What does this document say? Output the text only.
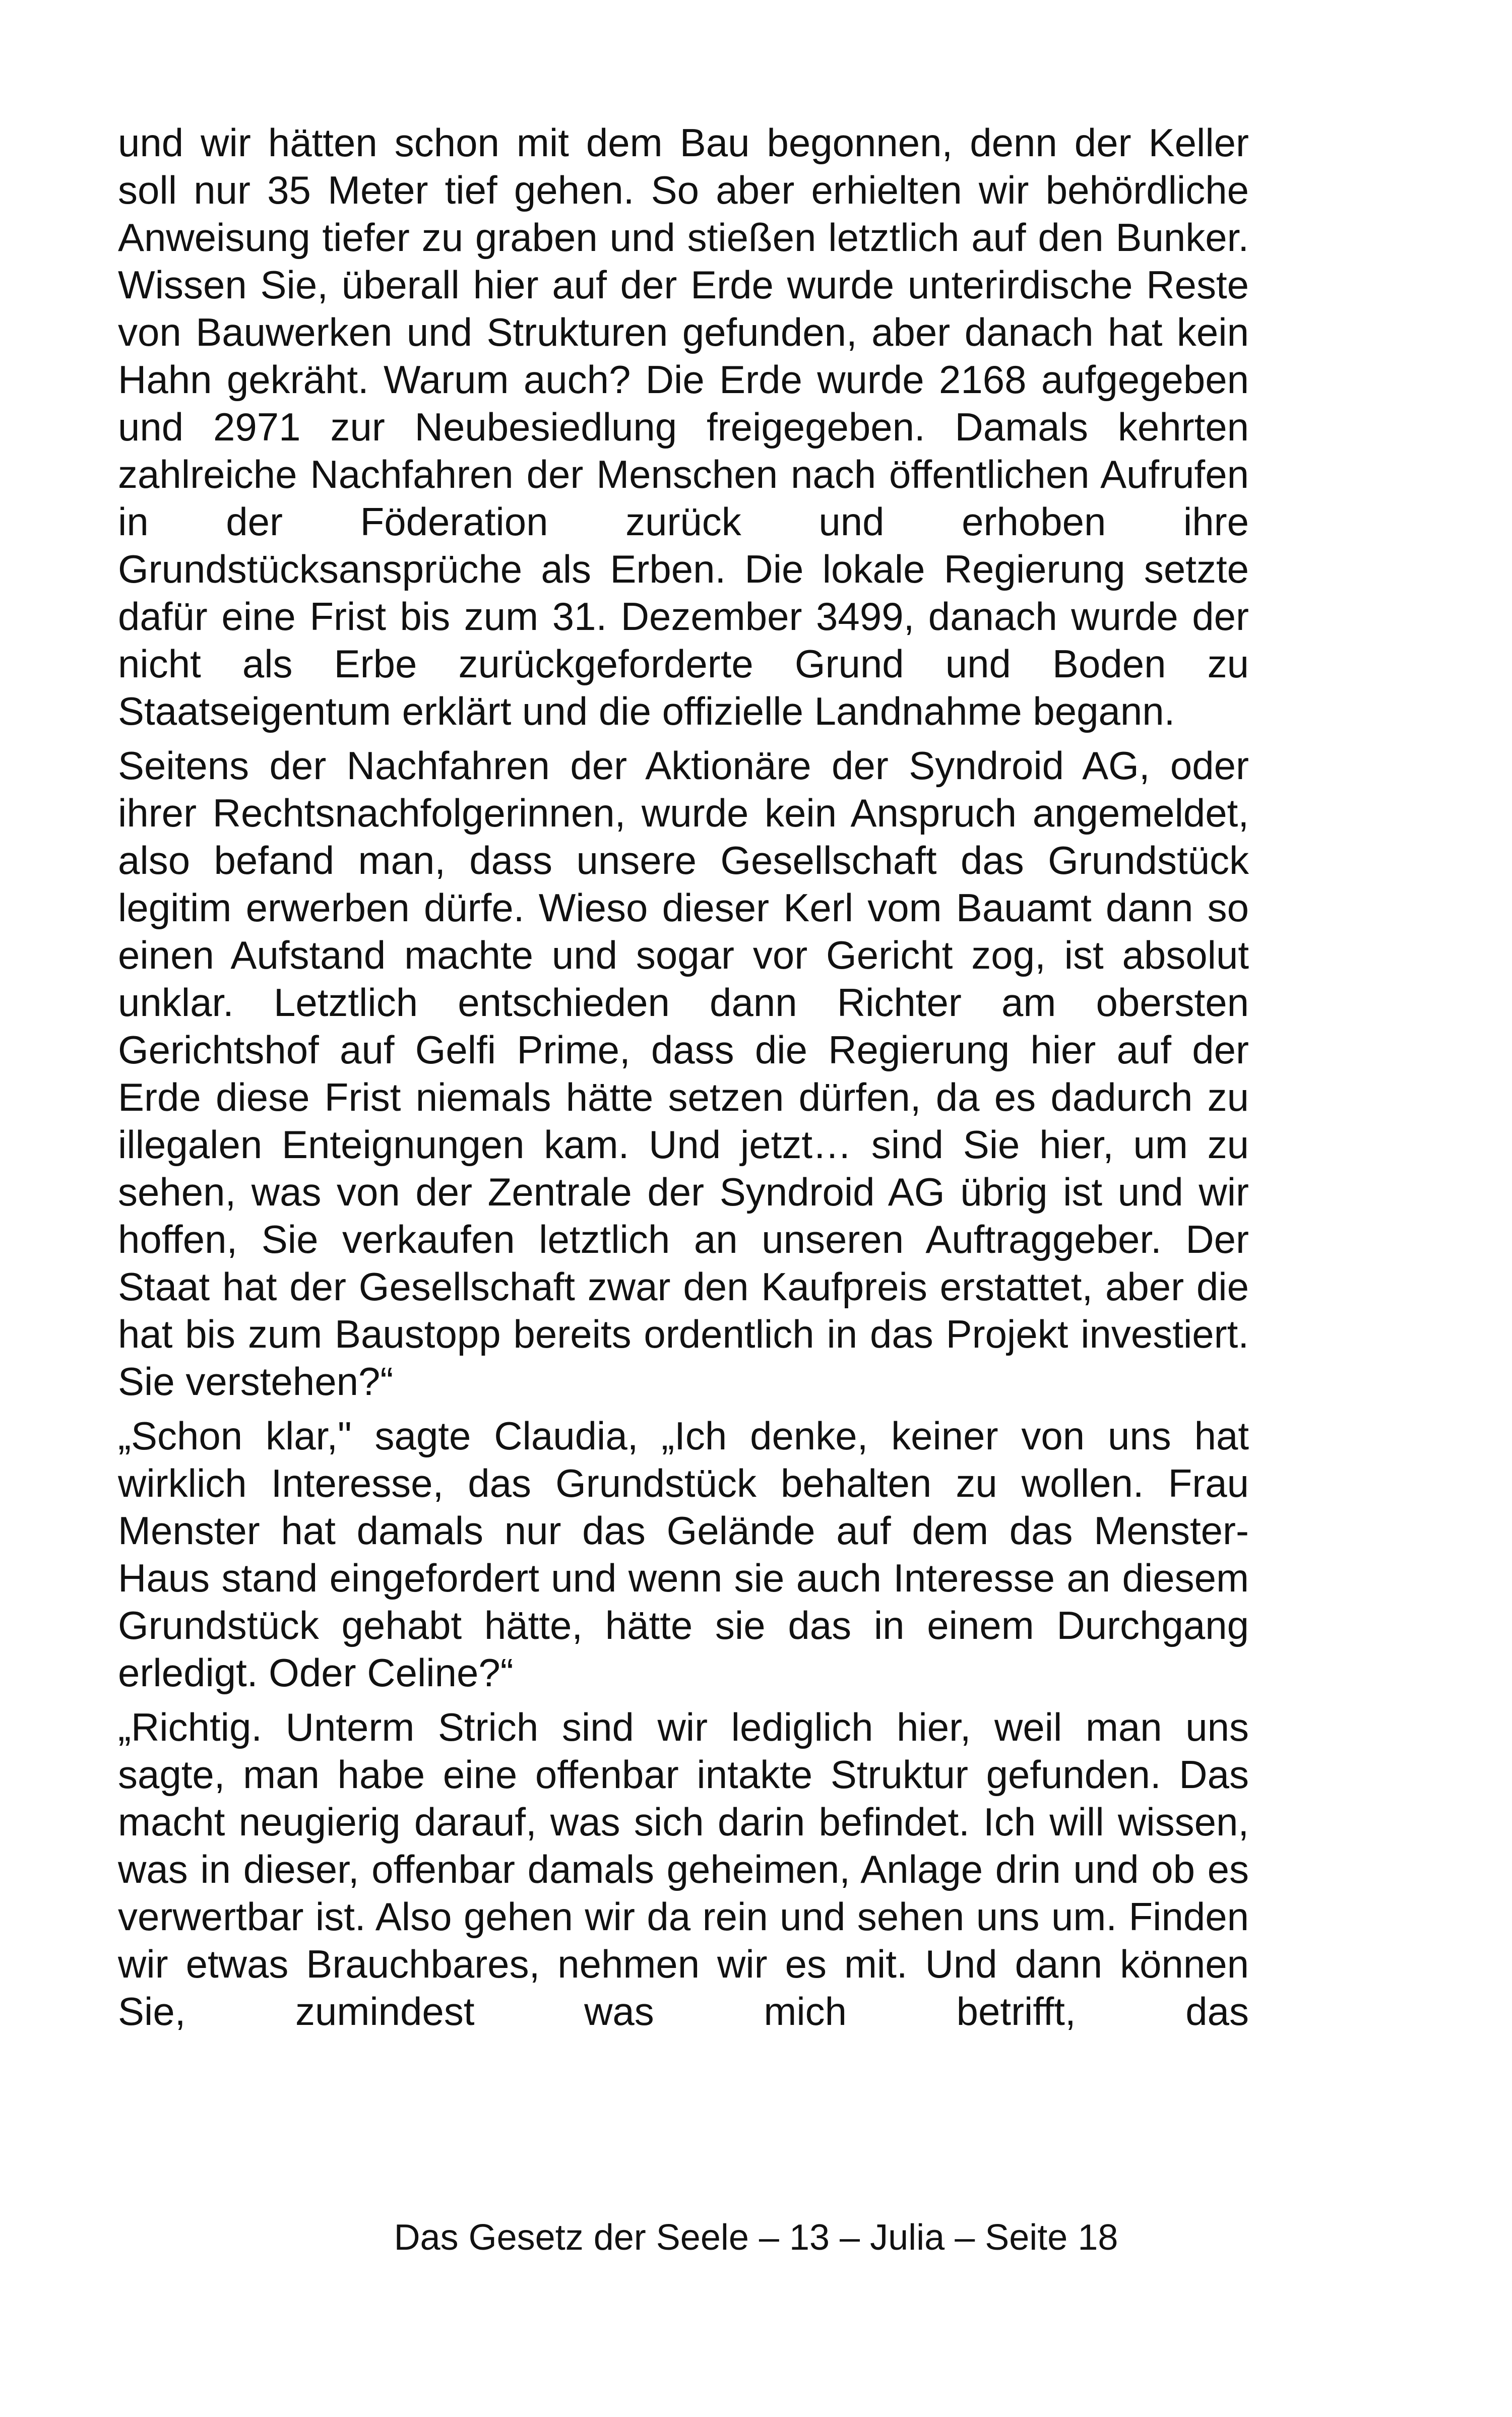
und wir hätten schon mit dem Bau begonnen, denn der Keller soll nur 35 Meter tief gehen. So aber erhielten wir behördliche Anweisung tiefer zu graben und stießen letztlich auf den Bunker. Wissen Sie, überall hier auf der Erde wurde unterirdische Reste von Bauwerken und Strukturen gefunden, aber danach hat kein Hahn gekräht. Warum auch? Die Erde wurde 2168 aufgegeben und 2971 zur Neubesiedlung freigegeben. Damals kehrten zahlreiche Nachfahren der Menschen nach öffentlichen Aufrufen in der Föderation zurück und erhoben ihre Grundstücksansprüche als Erben. Die lokale Regierung setzte dafür eine Frist bis zum 31. Dezember 3499, danach wurde der nicht als Erbe zurückgeforderte Grund und Boden zu Staatseigentum erklärt und die offizielle Landnahme begann.

Seitens der Nachfahren der Aktionäre der Syndroid AG, oder ihrer Rechtsnachfolgerinnen, wurde kein Anspruch angemeldet, also befand man, dass unsere Gesellschaft das Grundstück legitim erwerben dürfe. Wieso dieser Kerl vom Bauamt dann so einen Aufstand machte und sogar vor Gericht zog, ist absolut unklar. Letztlich entschieden dann Richter am obersten Gerichtshof auf Gelfi Prime, dass die Regierung hier auf der Erde diese Frist niemals hätte setzen dürfen, da es dadurch zu illegalen Enteignungen kam. Und jetzt… sind Sie hier, um zu sehen, was von der Zentrale der Syndroid AG übrig ist und wir hoffen, Sie verkaufen letztlich an unseren Auftraggeber. Der Staat hat der Gesellschaft zwar den Kaufpreis erstattet, aber die hat bis zum Baustopp bereits ordentlich in das Projekt investiert. Sie verstehen?“

„Schon klar," sagte Claudia, „Ich denke, keiner von uns hat wirklich Interesse, das Grundstück behalten zu wollen. Frau Menster hat damals nur das Gelände auf dem das Menster-Haus stand eingefordert und wenn sie auch Interesse an diesem Grundstück gehabt hätte, hätte sie das in einem Durchgang erledigt. Oder Celine?“

„Richtig. Unterm Strich sind wir lediglich hier, weil man uns sagte, man habe eine offenbar intakte Struktur gefunden. Das macht neugierig darauf, was sich darin befindet. Ich will wissen, was in dieser, offenbar damals geheimen, Anlage drin und ob es verwertbar ist. Also gehen wir da rein und sehen uns um. Finden wir etwas Brauchbares, nehmen wir es mit. Und dann können Sie, zumindest was mich betrifft, das

Das Gesetz der Seele – 13 – Julia – Seite 18
